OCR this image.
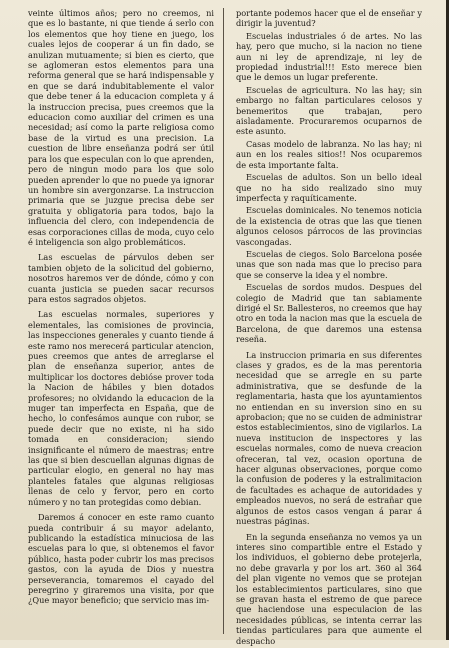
veinte últimos años; pero no creemos, ni que es lo bastante, ni que tiende á serlo con los elementos que hoy tiene en juego, los cuales lejos de cooperar á un fin dado, se anulizan mutuamente; si bien es cierto, que se aglomeran estos elementos para una reforma general que se hará indispensable y en que se dará indubitablemente el valor que debe tener á la educacion completa y á la instruccion precisa, pues creemos que la educacion como auxiliar del crimen es una necesidad; así como la parte religiosa como base de la virtud es una precision. La cuestion de libre enseñanza podrá ser útil para los que especulan con lo que aprenden, pero de ningun modo para los que solo pueden aprender lo que no puede ya ignorar un hombre sin avergonzarse. La instruccion primaria que se juzgue precisa debe ser gratuita y obligatoria para todos, bajo la influencia del clero, con independencia de esas corporaciones cillas de moda, cuyo celo é inteligencia son algo problemáticos.

Las escuelas de párvulos deben ser tambien objeto de la solicitud del gobierno, nosotros haremos ver de dónde, cómo y con cuanta justicia se pueden sacar recursos para estos sagrados objetos.

Las escuelas normales, superiores y elementales, las comisiones de provincia, las inspecciones generales y cuanto tiende á este ramo nos merecerá particular atencion, pues creemos que antes de arreglarse el plan de enseñanza superior, antes de multiplicar los doctores debióse prover toda la Nacion de hábiles y bien dotados profesores; no olvidando la educacion de la muger tan imperfecta en España, que de hecho, lo confesámos aunque con rubor, se puede decir que no existe, ni ha sido tomada en consideracion; siendo insignificante el número de maestras; entre las que si bien descuellan algunas dignas de particular elogio, en general no hay mas planteles fatales que algunas religiosas llenas de celo y fervor, pero en corto número y no tan protegidas como debian.

Daremos á conocer en este ramo cuanto pueda contribuir á su mayor adelanto, publicando la estadística minuciosa de las escuelas para lo que, si obtenemos el favor público, hasta poder cubrir los mas precisos gastos, con la ayuda de Dios y nuestra perseverancia, tomaremos el cayado del peregrino y giraremos una visita, por que ¿Que mayor beneficio; que servicio mas im-

portante podemos hacer que el de enseñar y dirigir la juventud?

Escuelas industriales ó de artes. No las hay, pero que mucho, si la nacion no tiene aun ni ley de aprendizaje, ni ley de propiedad industrial!!! Esto merece bien que le demos un lugar preferente.

Escuelas de agricultura. No las hay; sin embargo no faltan particulares celosos y benemeritos que trabajan, pero aisladamente. Procuraremos ocuparnos de este asunto.

Casas modelo de labranza. No las hay; ni aun en los reales sitios!! Nos ocuparemos de esta importante falta.

Escuelas de adultos. Son un bello ideal que no ha sido realizado sino muy imperfecta y raquíticamente.

Escuelas dominicales. No tenemos noticia de la existencia de otras que las que tienen algunos celosos párrocos de las provincias vascongadas.

Escuelas de ciegos. Solo Barcelona posée unas que son nada mas que lo preciso para que se conserve la idea y el nombre.

Escuelas de sordos mudos. Despues del colegio de Madrid que tan sabiamente dirigé el Sr. Ballesteros, no creemos que hay otro en toda la nacion mas que la escuela de Barcelona, de que daremos una estensa reseña.

La instruccion primaria en sus diferentes clases y grados, es de la mas perentoria necesidad que se arregle en su parte administrativa, que se desfunde de la reglamentaria, hasta que los ayuntamientos no entiendan en su inversion sino en su aprobacion; que no se cuiden de administrar estos establecimientos, sino de vigilarlos. La nueva institucion de inspectores y las escuelas normales, como de nueva creacion ofreceran, tal vez, ocasion oportuna de hacer algunas observaciones, porque como la confusion de poderes y la estralimitacion de facultades es achaque de autoridades y empleados nuevos, no será de estrañar que algunos de estos casos vengan á parar á nuestras páginas.

En la segunda enseñanza no vemos ya un interes sino compartible entre el Estado y los individuos, el gobierno debe protejerla, no debe gravarla y por los art. 360 al 364 del plan vigente no vemos que se protejan los establecimientos particulares, sino que se gravan hasta el estremo de que parece que haciendose una especulacion de las necesidades públicas, se intenta cerrar las tiendas particulares para que aumente el despacho
